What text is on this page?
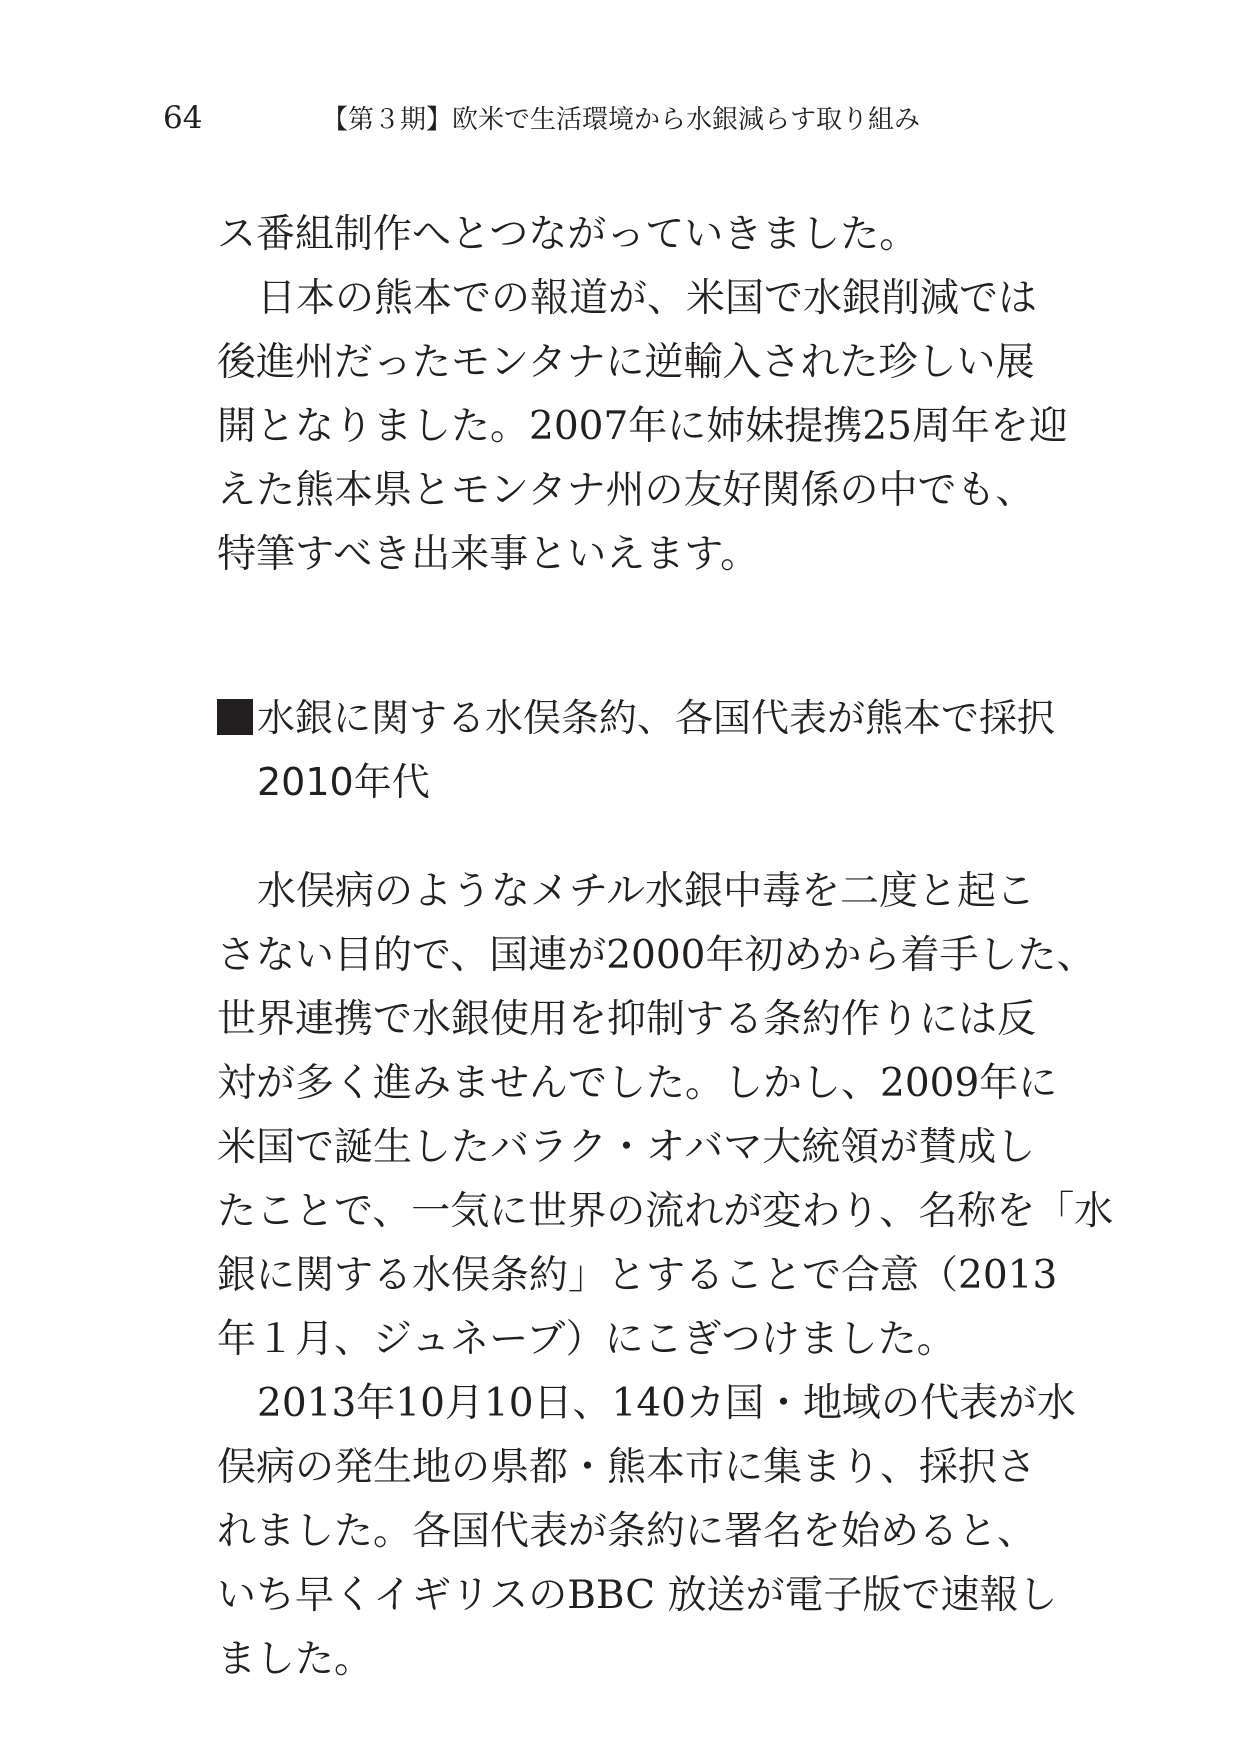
64	【第３期】欧米で生活環境から水銀減らす取り組み
ス番組制作へとつながっていきました。
日本の熊本での報道が、米国で水銀削減では
後進州だったモンタナに逆輸入された珍しい展
開となりました。2007年に姉妹提携25周年を迎
えた熊本県とモンタナ州の友好関係の中でも、
特筆すべき出来事といえます。
水銀に関する水俣条約、各国代表が熊本で採択
2010年代
水俣病のようなメチル水銀中毒を二度と起こ
さない目的で、国連が2000年初めから着手した、
世界連携で水銀使用を抑制する条約作りには反
対が多く進みませんでした。しかし、2009年に
米国で誕生したバラク・オバマ大統領が賛成し
たことで、一気に世界の流れが変わり、名称を「水
銀に関する水俣条約」とすることで合意（2013
年１月、ジュネーブ）にこぎつけました。
2013年10月10日、140カ国・地域の代表が水
俣病の発生地の県都・熊本市に集まり、採択さ
れました。各国代表が条約に署名を始めると、
いち早くイギリスのBBC 放送が電子版で速報し
ました。
